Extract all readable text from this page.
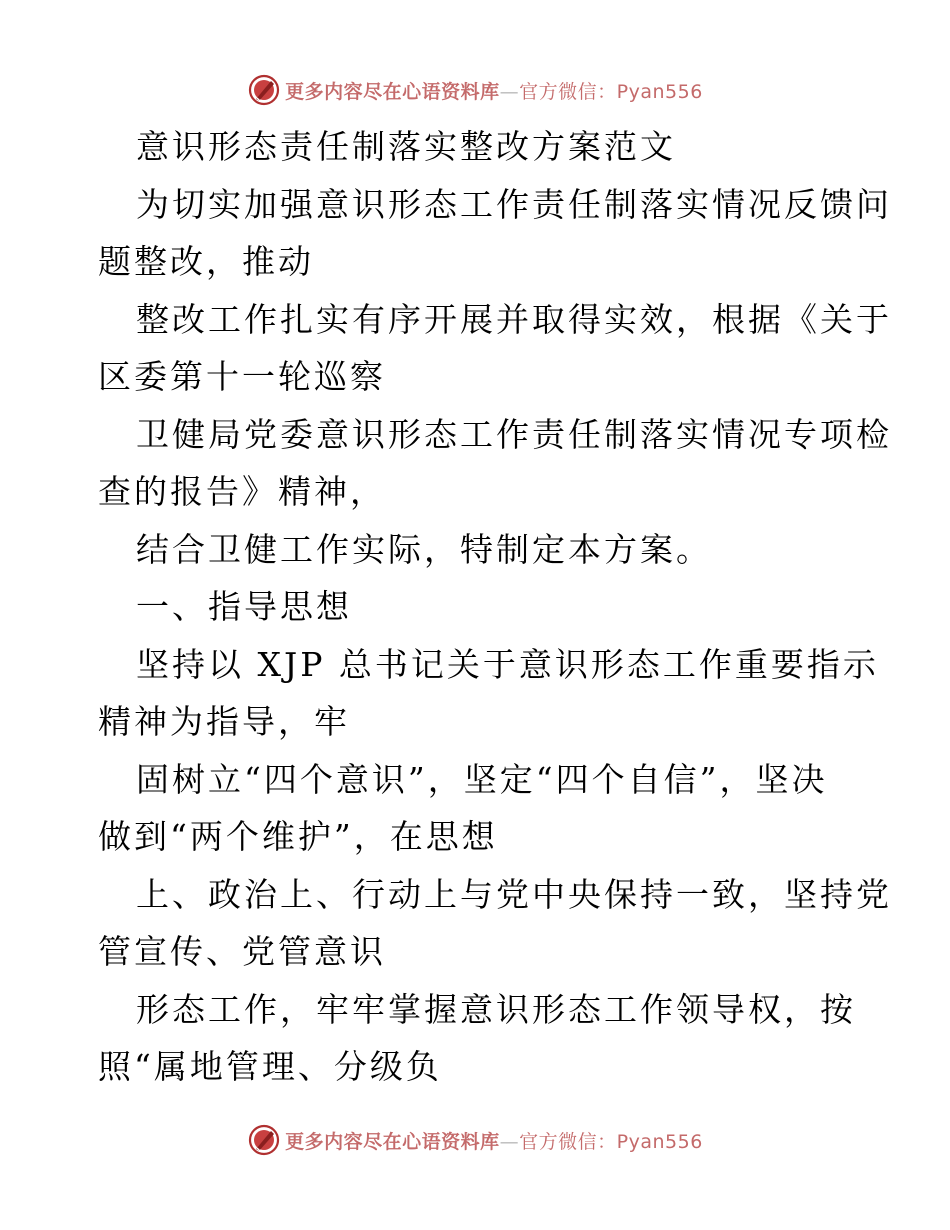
更多内容尽在心语资料库—官方微信：Pyan556
意识形态责任制落实整改方案范文
为切实加强意识形态工作责任制落实情况反馈问
题整改，推动
整改工作扎实有序开展并取得实效，根据《关于
区委第十一轮巡察
卫健局党委意识形态工作责任制落实情况专项检
查的报告》精神，
结合卫健工作实际，特制定本方案。
一、指导思想
坚持以 XJP 总书记关于意识形态工作重要指示
精神为指导，牢
固树立“四个意识”，坚定“四个自信”，坚决
做到“两个维护”，在思想
上、政治上、行动上与党中央保持一致，坚持党
管宣传、党管意识
形态工作，牢牢掌握意识形态工作领导权，按
照“属地管理、分级负
更多内容尽在心语资料库—官方微信：Pyan556
